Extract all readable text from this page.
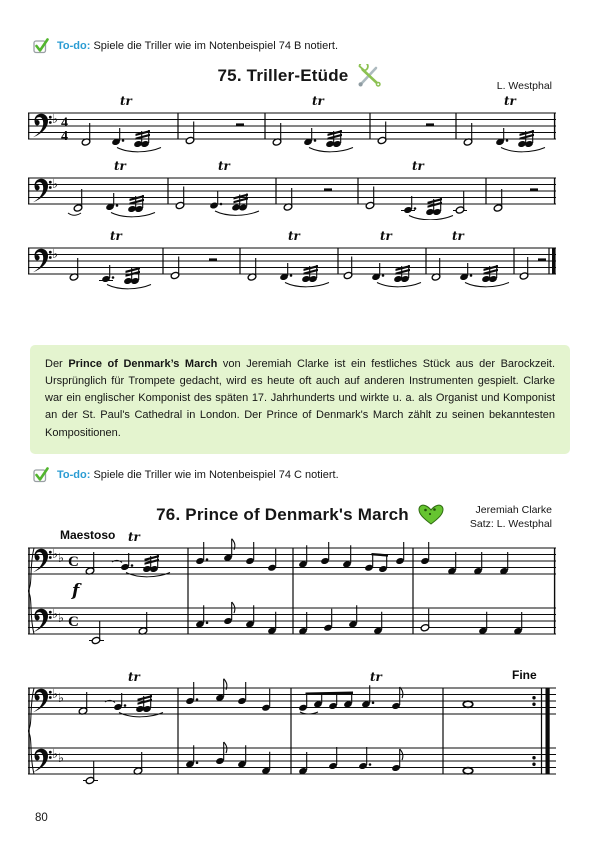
To-do: Spiele die Triller wie im Notenbeispiel 74 B notiert.
75. Triller-Etüde
L. Westphal
♭ 4
4
tr	tr	tr
♭
tr	tr	tr
♭
tr	tr	tr	tr
Der Prince of Denmark’s March von Jeremiah Clarke ist ein festliches Stück aus der Barockzeit. Ursprünglich für Trompete gedacht, wird es heute oft auch auf anderen Instrumenten gespielt. Clarke war ein englischer Komponist des späten 17. Jahrhunderts und wirkte u. a. als Organist und Komponist an der St. Paul's Cathedral in London. Der Prince of Denmark's March zählt zu seinen bekanntesten Kompositionen.
To-do: Spiele die Triller wie im Notenbeispiel 74 C notiert.
76. Prince of Denmark's March	Jeremiah Clarke
Satz: L. Westphal
Maestoso tr
f
♭ ♭ C
♭ ♭ C
Fine
tr	tr
♭ ♭
♭ ♭
80
